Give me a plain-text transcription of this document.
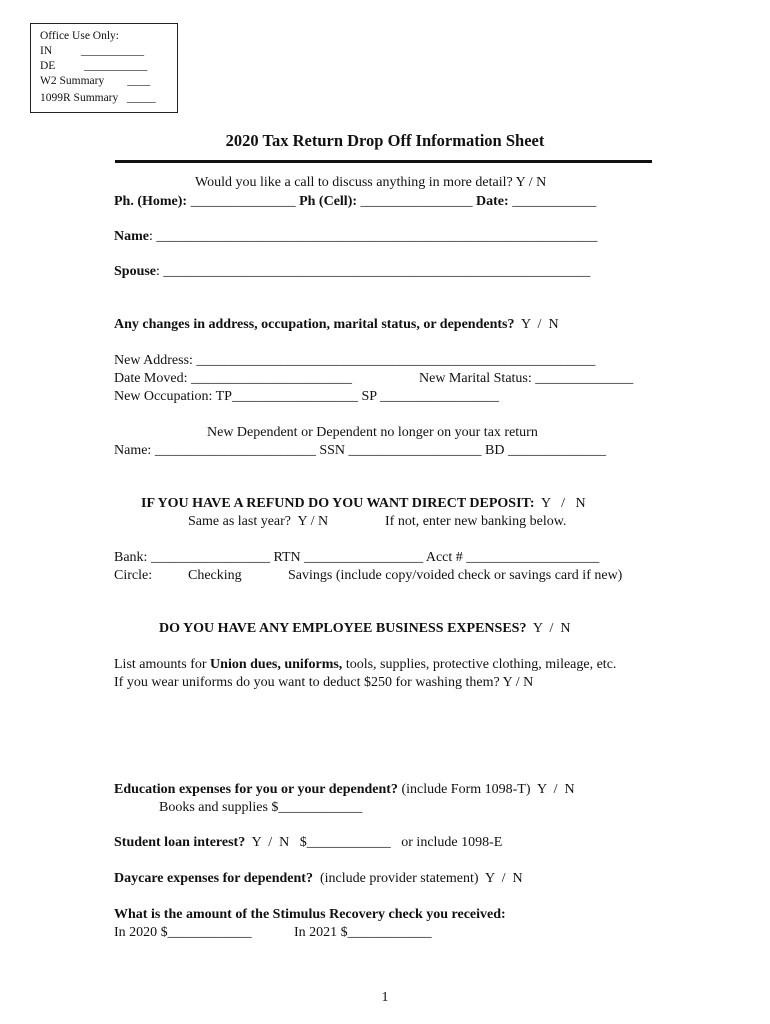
Office Use Only:
IN          ___________
DE          ___________
W2 Summary        ____
1099R Summary   _____
2020 Tax Return Drop Off Information Sheet
Would you like a call to discuss anything in more detail? Y / N
Ph. (Home): _______________ Ph (Cell): ________________ Date: ____________
Name: _______________________________________________________________
Spouse: _____________________________________________________________
Any changes in address, occupation, marital status, or dependents?  Y  /  N
New Address: _________________________________________________________
Date Moved: _______________________	New Marital Status: ______________
New Occupation: TP__________________ SP _________________
New Dependent or Dependent no longer on your tax return
Name: _______________________ SSN ___________________ BD ______________
IF YOU HAVE A REFUND DO YOU WANT DIRECT DEPOSIT:  Y   /   N
Same as last year?  Y / N	If not, enter new banking below.
Bank: _________________ RTN _________________ Acct # ___________________
Circle:	Checking	Savings (include copy/voided check or savings card if new)
DO YOU HAVE ANY EMPLOYEE BUSINESS EXPENSES?  Y  /  N
List amounts for Union dues, uniforms, tools, supplies, protective clothing, mileage, etc.
If you wear uniforms do you want to deduct $250 for washing them? Y / N
Education expenses for you or your dependent? (include Form 1098-T)  Y  /  N
Books and supplies $____________
Student loan interest?  Y  /  N   $____________   or include 1098-E
Daycare expenses for dependent?  (include provider statement)  Y  /  N
What is the amount of the Stimulus Recovery check you received:
In 2020 $____________	In 2021 $____________
1
